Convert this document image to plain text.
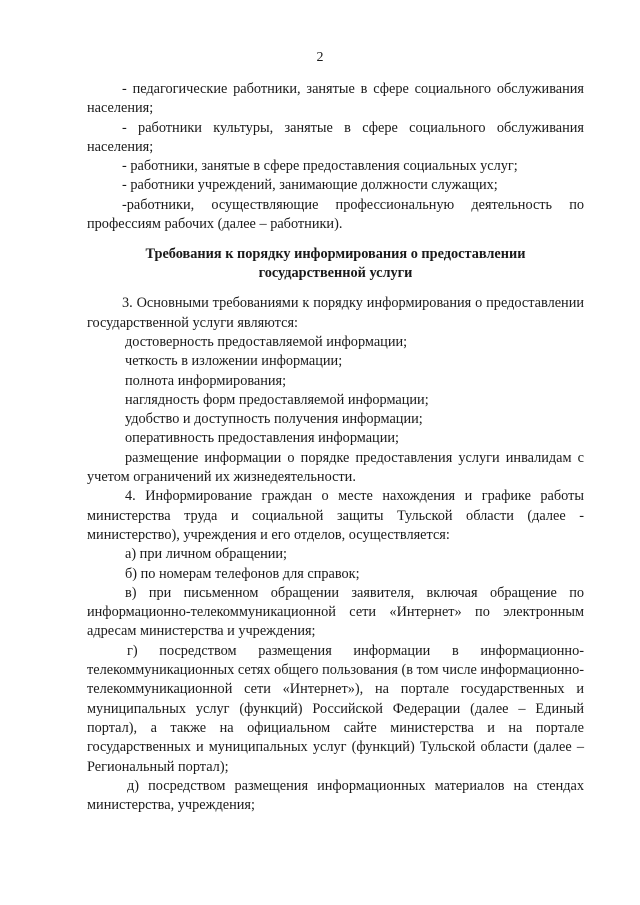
2

- педагогические работники, занятые в сфере социального обслуживания населения;

- работники культуры, занятые в сфере социального обслуживания населения;

- работники, занятые в сфере предоставления социальных услуг;

- работники учреждений, занимающие должности служащих;

-работники, осуществляющие профессиональную деятельность по профессиям рабочих (далее – работники).

Требования к порядку информирования о предоставлении
государственной услуги

3. Основными требованиями к порядку информирования о предоставлении государственной услуги являются:

достоверность предоставляемой информации;

четкость в изложении информации;

полнота информирования;

наглядность форм предоставляемой информации;

удобство и доступность получения информации;

оперативность предоставления информации;

размещение информации о порядке предоставления услуги инвалидам с учетом ограничений их жизнедеятельности.

4. Информирование граждан о месте нахождения и графике работы министерства труда и социальной защиты Тульской области (далее - министерство), учреждения и его отделов, осуществляется:

а) при личном обращении;

б) по номерам телефонов для справок;

в) при письменном обращении заявителя, включая обращение по информационно-телекоммуникационной сети «Интернет» по электронным адресам министерства и учреждения;

г) посредством размещения информации в информационно-телекоммуникационных сетях общего пользования (в том числе информационно-телекоммуникационной сети «Интернет»), на портале государственных и муниципальных услуг (функций) Российской Федерации (далее – Единый портал), а также на официальном сайте министерства и на портале государственных и муниципальных услуг (функций) Тульской области (далее – Региональный портал);

д) посредством размещения информационных материалов на стендах министерства, учреждения;
